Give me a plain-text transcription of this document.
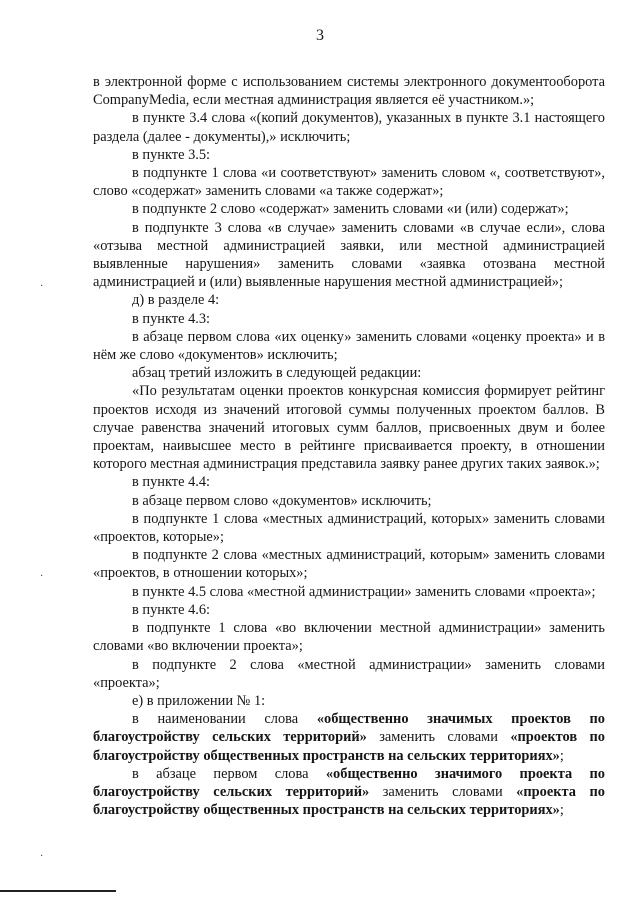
3

в электронной форме с использованием системы электронного документооборота CompanyMedia, если местная администрация является её участником.»;

в пункте 3.4 слова «(копий документов), указанных в пункте 3.1 настоящего раздела (далее - документы),» исключить;

в пункте 3.5:

в подпункте 1 слова «и соответствуют» заменить словом «, соответствуют», слово «содержат» заменить словами «а также содержат»;

в подпункте 2 слово «содержат» заменить словами «и (или) содержат»;

в подпункте 3 слова «в случае» заменить словами «в случае если», слова «отзыва местной администрацией заявки, или местной администрацией выявленные нарушения» заменить словами «заявка отозвана местной администрацией и (или) выявленные нарушения местной администрацией»;

д) в разделе 4:

в пункте 4.3:

в абзаце первом слова «их оценку» заменить словами «оценку проекта» и в нём же слово «документов» исключить;

абзац третий изложить в следующей редакции:

«По результатам оценки проектов конкурсная комиссия формирует рейтинг проектов исходя из значений итоговой суммы полученных проектом баллов. В случае равенства значений итоговых сумм баллов, присвоенных двум и более проектам, наивысшее место в рейтинге присваивается проекту, в отношении которого местная администрация представила заявку ранее других таких заявок.»;

в пункте 4.4:

в абзаце первом слово «документов» исключить;

в подпункте 1 слова «местных администраций, которых» заменить словами «проектов, которые»;

в подпункте 2 слова «местных администраций, которым» заменить словами «проектов, в отношении которых»;

в пункте 4.5 слова «местной администрации» заменить словами «проекта»;

в пункте 4.6:

в подпункте 1 слова «во включении местной администрации» заменить словами «во включении проекта»;

в подпункте 2 слова «местной администрации» заменить словами «проекта»;

е) в приложении № 1:

в наименовании слова «общественно значимых проектов по благоустройству сельских территорий» заменить словами «проектов по благоустройству общественных пространств на сельских территориях»;

в абзаце первом слова «общественно значимого проекта по благоустройству сельских территорий» заменить словами «проекта по благоустройству общественных пространств на сельских территориях»;

·
·
·
